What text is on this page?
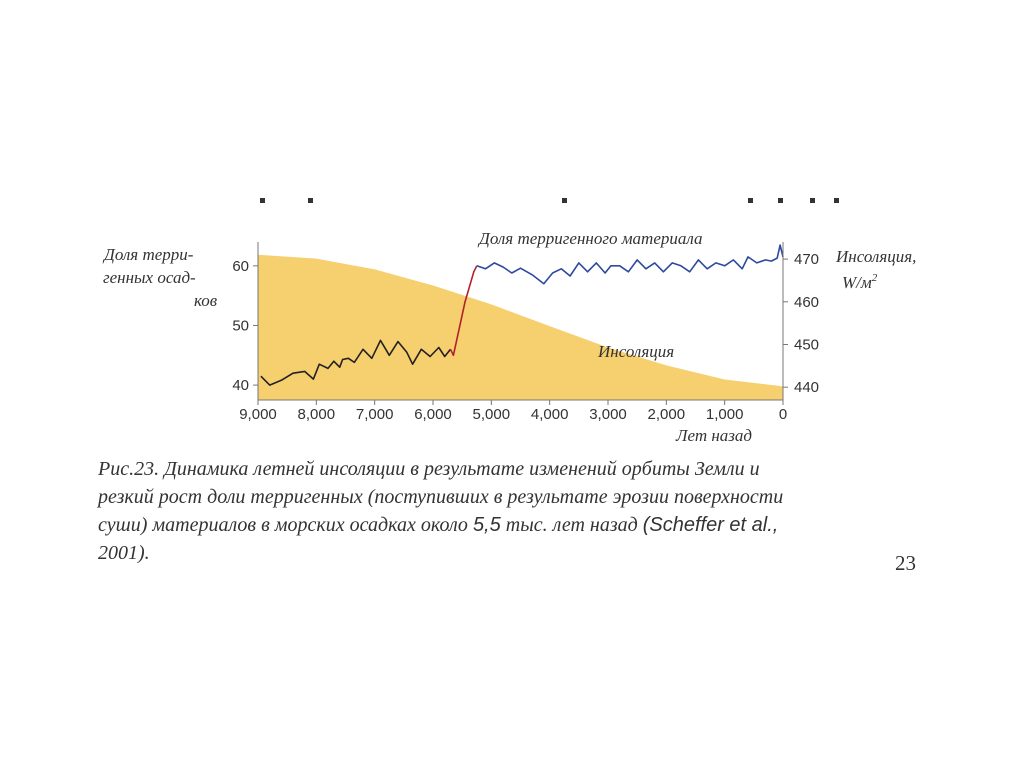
60
50
40
470
460
450
440
9,000 8,000 7,000 6,000 5,000 4,000 3,000 2,000 1,000 0
Доля терри-
генных осад-
ков
Инсоляция,
$W/м^2$
Доля терригенного материала
Инсоляция
Лет назад
Рис.23. Динамика летней инсоляции в результате изменений орбиты Земли и
резкий рост доли терригенных (поступивших в результате эрозии поверхности
суши) материалов в морских осадках около 5,5 тыс. лет назад (Scheffer et al.,
2001).	23
